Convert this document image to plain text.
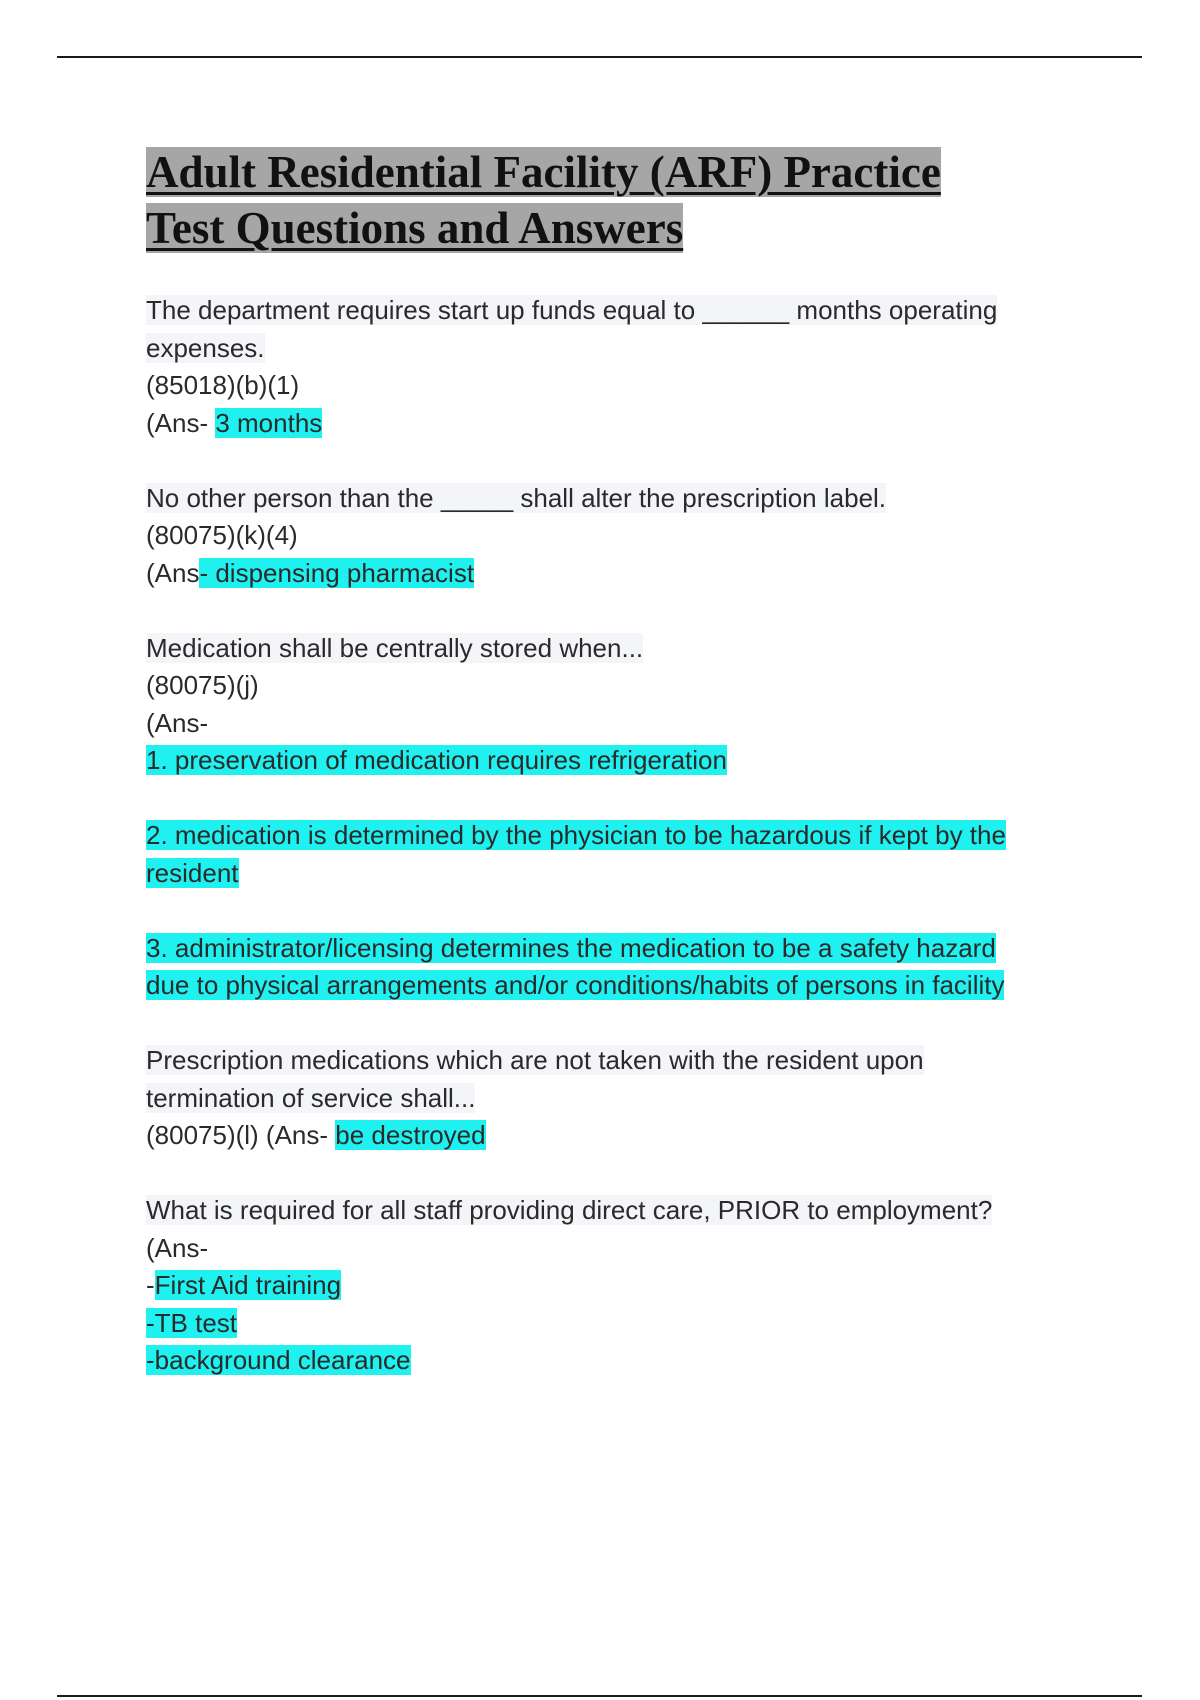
Adult Residential Facility (ARF) Practice
Test Questions and Answers
The department requires start up funds equal to ______ months operating
expenses.
(85018)(b)(1)
(Ans- 3 months
No other person than the _____ shall alter the prescription label.
(80075)(k)(4)
(Ans- dispensing pharmacist
Medication shall be centrally stored when...
(80075)(j)
(Ans-
1. preservation of medication requires refrigeration
2. medication is determined by the physician to be hazardous if kept by the
resident
3. administrator/licensing determines the medication to be a safety hazard
due to physical arrangements and/or conditions/habits of persons in facility
Prescription medications which are not taken with the resident upon
termination of service shall...
(80075)(l) (Ans- be destroyed
What is required for all staff providing direct care, PRIOR to employment?
(Ans-
-First Aid training
-TB test
-background clearance
